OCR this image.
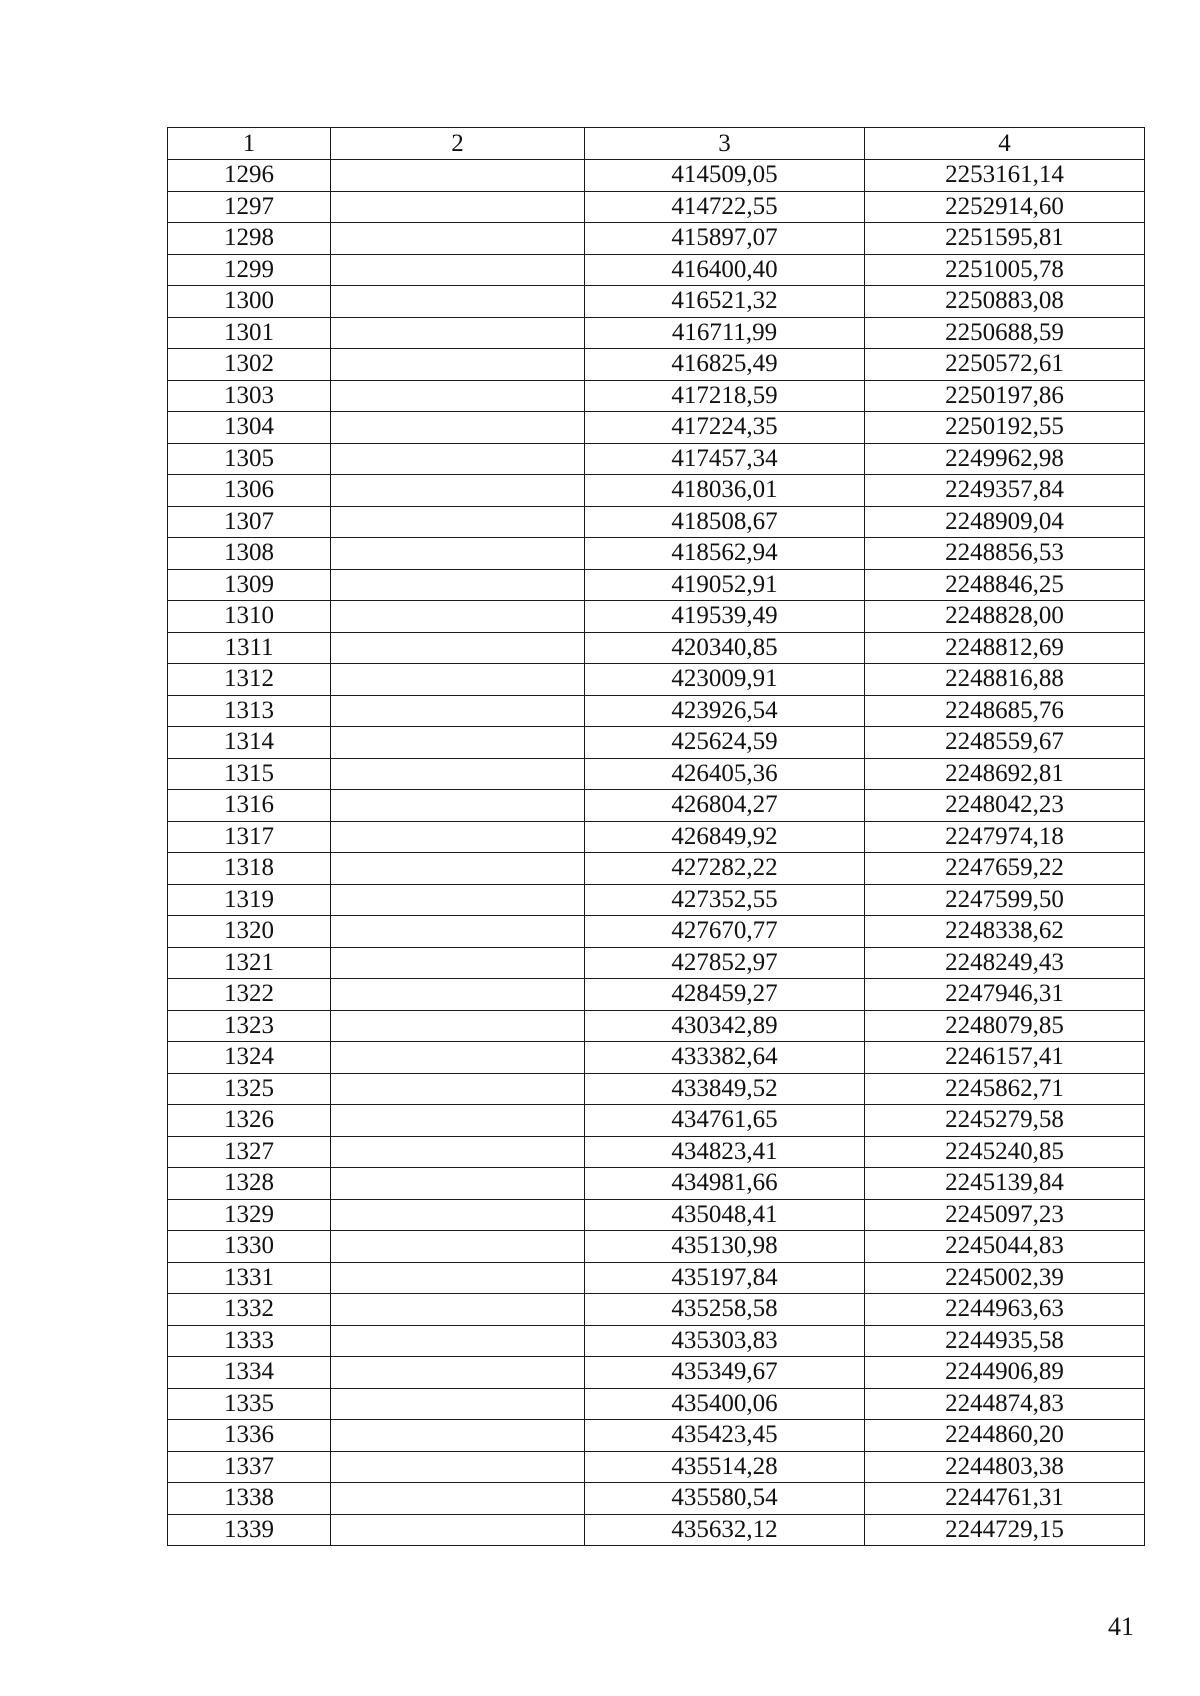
1	2	3	4
1296		414509,05	2253161,14
1297		414722,55	2252914,60
1298		415897,07	2251595,81
1299		416400,40	2251005,78
1300		416521,32	2250883,08
1301		416711,99	2250688,59
1302		416825,49	2250572,61
1303		417218,59	2250197,86
1304		417224,35	2250192,55
1305		417457,34	2249962,98
1306		418036,01	2249357,84
1307		418508,67	2248909,04
1308		418562,94	2248856,53
1309		419052,91	2248846,25
1310		419539,49	2248828,00
1311		420340,85	2248812,69
1312		423009,91	2248816,88
1313		423926,54	2248685,76
1314		425624,59	2248559,67
1315		426405,36	2248692,81
1316		426804,27	2248042,23
1317		426849,92	2247974,18
1318		427282,22	2247659,22
1319		427352,55	2247599,50
1320		427670,77	2248338,62
1321		427852,97	2248249,43
1322		428459,27	2247946,31
1323		430342,89	2248079,85
1324		433382,64	2246157,41
1325		433849,52	2245862,71
1326		434761,65	2245279,58
1327		434823,41	2245240,85
1328		434981,66	2245139,84
1329		435048,41	2245097,23
1330		435130,98	2245044,83
1331		435197,84	2245002,39
1332		435258,58	2244963,63
1333		435303,83	2244935,58
1334		435349,67	2244906,89
1335		435400,06	2244874,83
1336		435423,45	2244860,20
1337		435514,28	2244803,38
1338		435580,54	2244761,31
1339		435632,12	2244729,15
41
